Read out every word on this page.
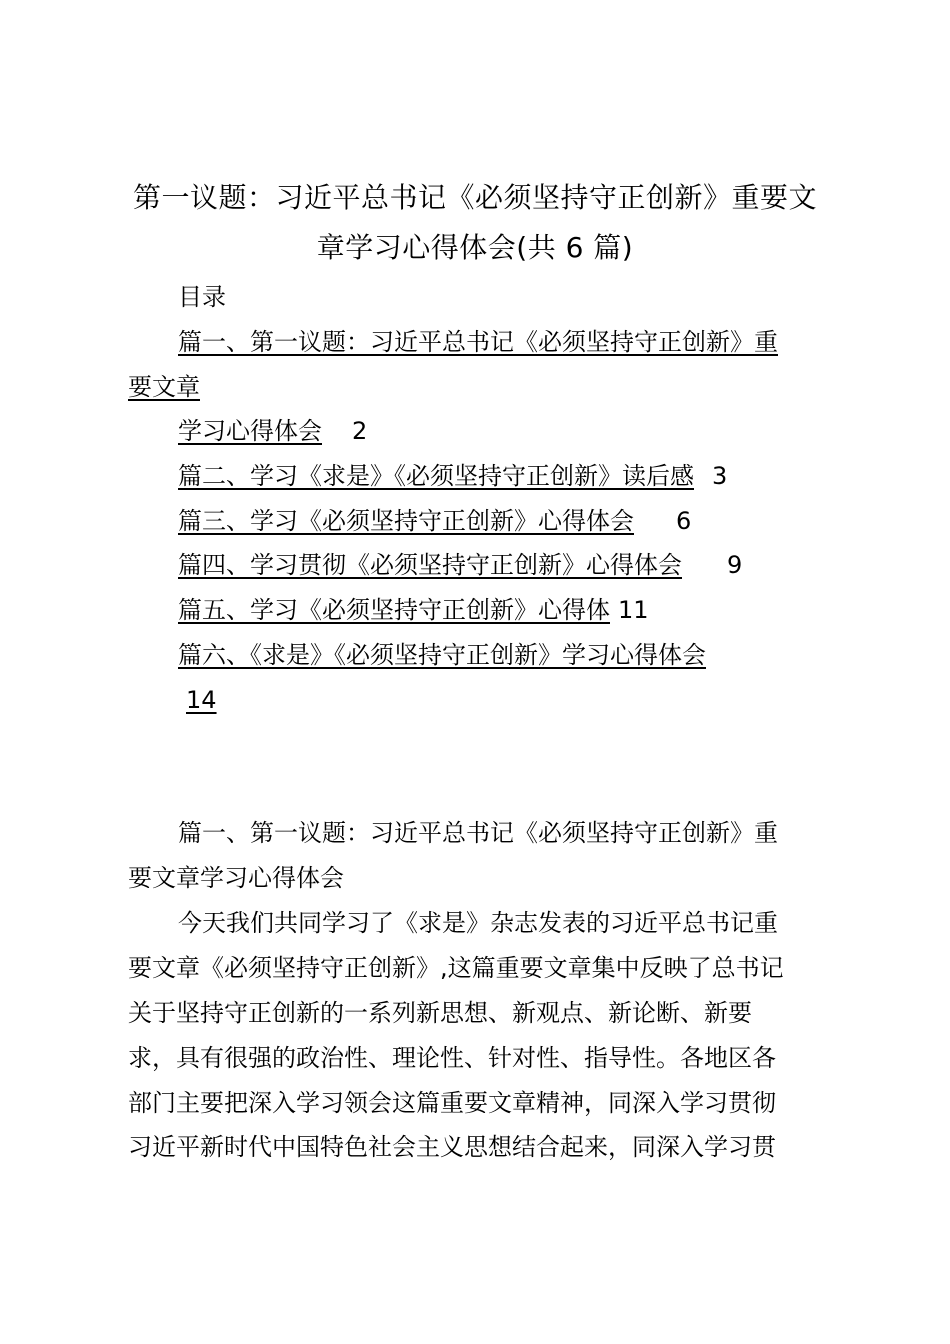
第一议题：习近平总书记《必须坚持守正创新》重要文
章学习心得体会(共 6 篇)
目录
篇一、第一议题：习近平总书记《必须坚持守正创新》重
要文章
学习心得体会 2
篇二、学习《求是》《必须坚持守正创新》读后感 3
篇三、学习《必须坚持守正创新》心得体会 6
篇四、学习贯彻《必须坚持守正创新》心得体会 9
篇五、学习《必须坚持守正创新》心得体 11
篇六、《求是》《必须坚持守正创新》学习心得体会
14
篇一、第一议题：习近平总书记《必须坚持守正创新》重
要文章学习心得体会
今天我们共同学习了《求是》杂志发表的习近平总书记重
要文章《必须坚持守正创新》,这篇重要文章集中反映了总书记
关于坚持守正创新的一系列新思想、新观点、新论断、新要
求，具有很强的政治性、理论性、针对性、指导性。各地区各
部门主要把深入学习领会这篇重要文章精神，同深入学习贯彻
习近平新时代中国特色社会主义思想结合起来，同深入学习贯
